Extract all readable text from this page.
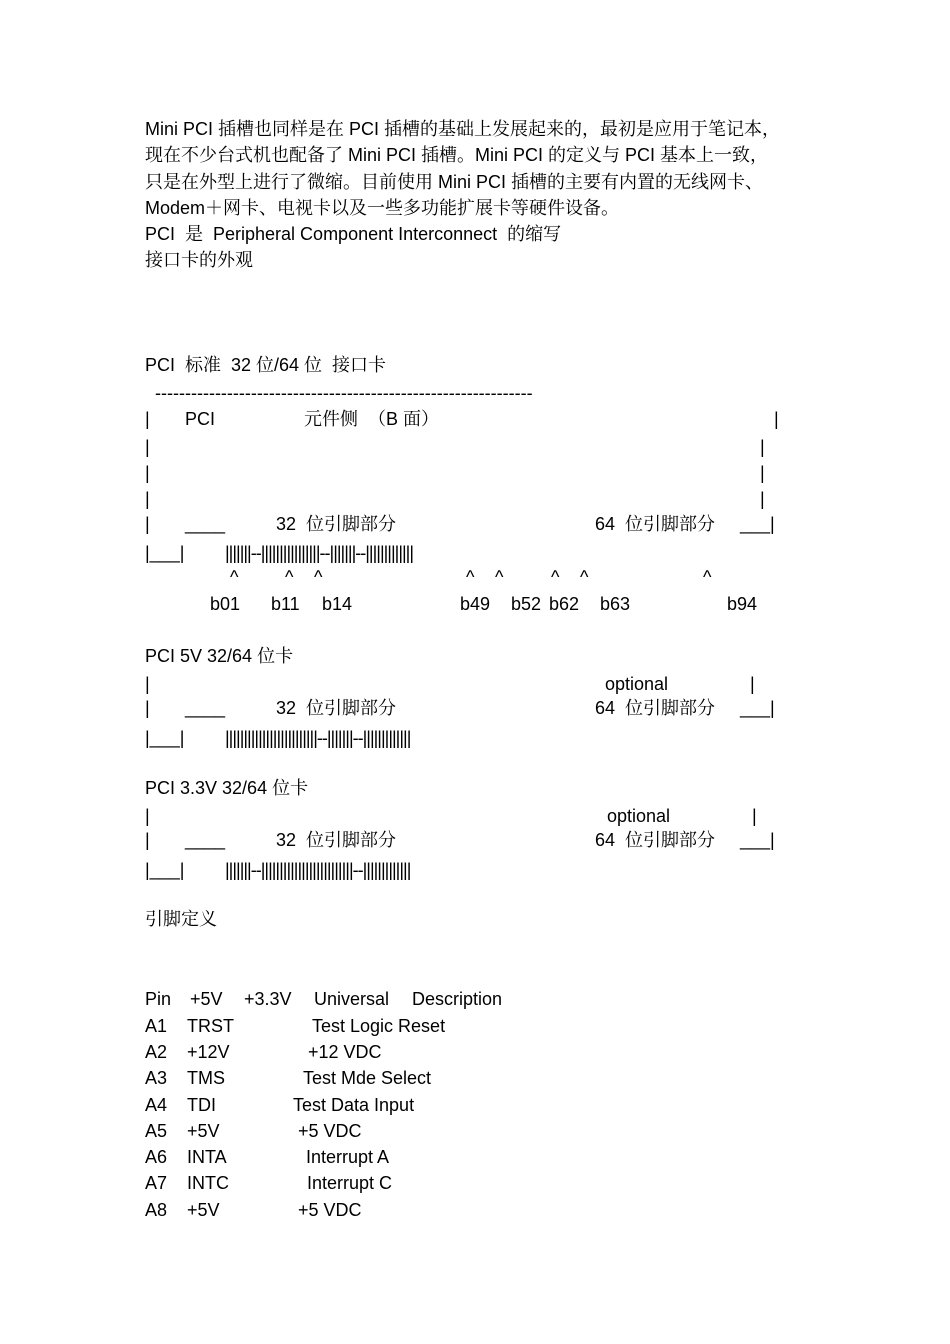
Mini PCI 插槽也同样是在 PCI 插槽的基础上发展起来的，最初是应用于笔记本，
现在不少台式机也配备了 Mini PCI 插槽。Mini PCI 的定义与 PCI 基本上一致，
只是在外型上进行了微缩。目前使用 Mini PCI 插槽的主要有内置的无线网卡、
Modem＋网卡、电视卡以及一些多功能扩展卡等硬件设备。
PCI  是  Peripheral Component Interconnect  的缩写
接口卡的外观
PCI  标准  32 位/64 位  接口卡
---------------------------------------------------------------
| PCI	元件侧  （B 面）	|
|	|
|	|
|	|
| ____	32  位引脚部分	64  位引脚部分 ___|
|___| |||||||--||||||||||||||||--|||||||--|||||||||||||
^	^ ^	^ ^	^ ^	^
b01 b11 b14	b49 b52 b62 b63	b94
PCI 5V 32/64 位卡
|	optional	|
| ____	32  位引脚部分	64  位引脚部分 ___|
|___| |||||||||||||||||||||||||--|||||||--|||||||||||||
PCI 3.3V 32/64 位卡
|	optional	|
| ____	32  位引脚部分	64  位引脚部分 ___|
|___| |||||||--|||||||||||||||||||||||||--|||||||||||||
引脚定义
Pin +5V +3.3V Universal Description
A1 TRST	Test Logic Reset
A2 +12V	+12 VDC
A3 TMS	Test Mde Select
A4 TDI	Test Data Input
A5 +5V	+5 VDC
A6 INTA	Interrupt A
A7 INTC	Interrupt C
A8 +5V	+5 VDC
